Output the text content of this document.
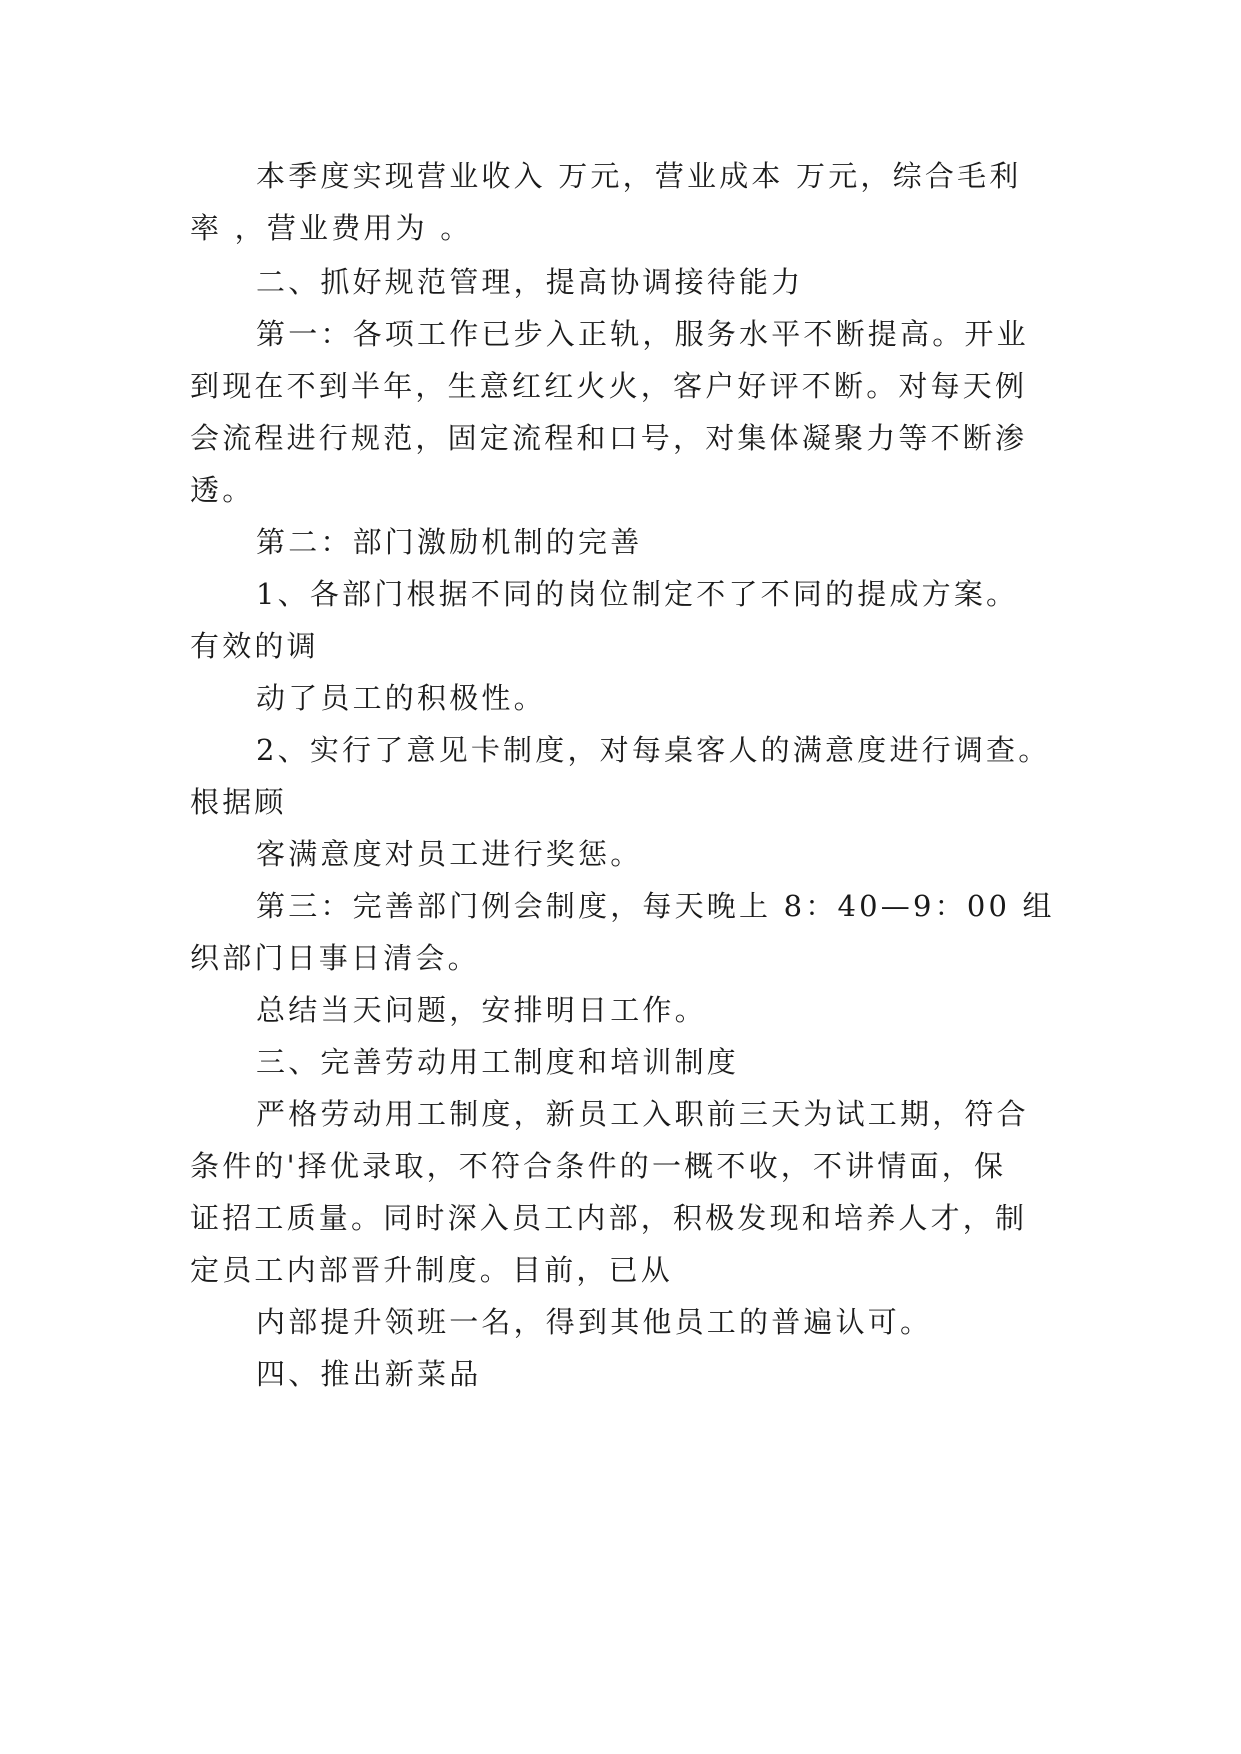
本季度实现营业收入 万元，营业成本 万元，综合毛利
率 ，营业费用为 。
二、抓好规范管理，提高协调接待能力
第一：各项工作已步入正轨，服务水平不断提高。开业
到现在不到半年，生意红红火火，客户好评不断。对每天例
会流程进行规范，固定流程和口号，对集体凝聚力等不断渗
透。
第二：部门激励机制的完善
1、各部门根据不同的岗位制定不了不同的提成方案。
有效的调
动了员工的积极性。
2、实行了意见卡制度，对每桌客人的满意度进行调查。
根据顾
客满意度对员工进行奖惩。
第三：完善部门例会制度，每天晚上 8：40—9：00 组
织部门日事日清会。
总结当天问题，安排明日工作。
三、完善劳动用工制度和培训制度
严格劳动用工制度，新员工入职前三天为试工期，符合
条件的'择优录取，不符合条件的一概不收，不讲情面，保
证招工质量。同时深入员工内部，积极发现和培养人才，制
定员工内部晋升制度。目前，已从
内部提升领班一名，得到其他员工的普遍认可。
四、推出新菜品
